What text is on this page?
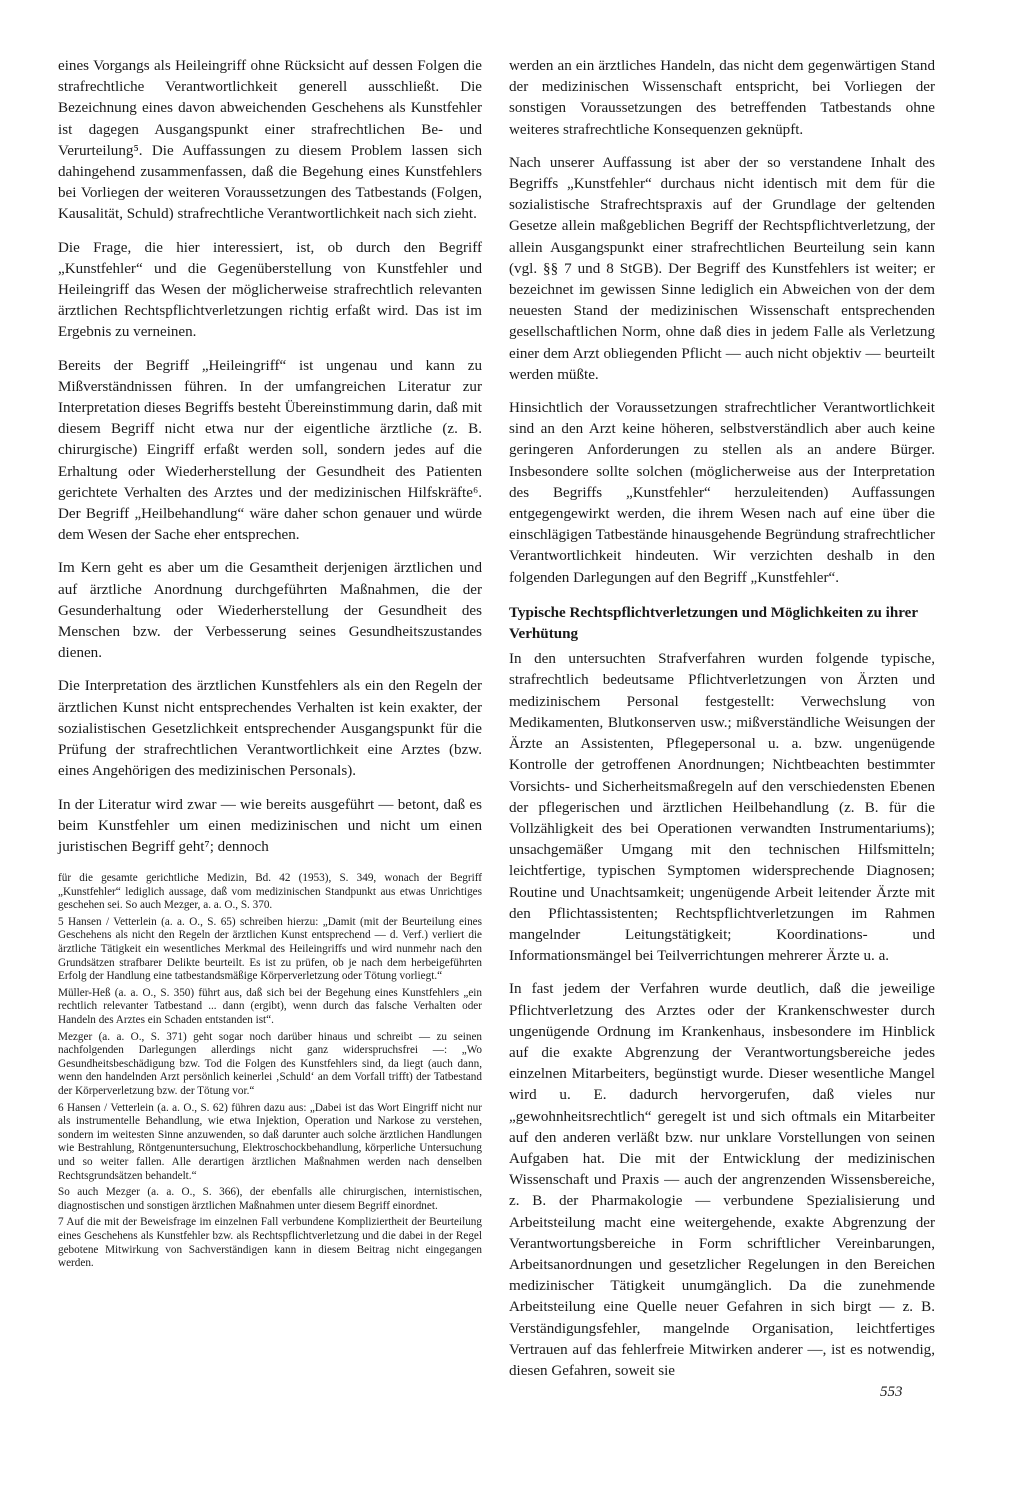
eines Vorgangs als Heileingriff ohne Rücksicht auf dessen Folgen die strafrechtliche Verantwortlichkeit generell ausschließt. Die Bezeichnung eines davon abweichenden Geschehens als Kunstfehler ist dagegen Ausgangspunkt einer strafrechtlichen Be- und Verurteilung⁵. Die Auffassungen zu diesem Problem lassen sich dahingehend zusammenfassen, daß die Begehung eines Kunstfehlers bei Vorliegen der weiteren Voraussetzungen des Tatbestands (Folgen, Kausalität, Schuld) strafrechtliche Verantwortlichkeit nach sich zieht.

Die Frage, die hier interessiert, ist, ob durch den Begriff „Kunstfehler“ und die Gegenüberstellung von Kunstfehler und Heileingriff das Wesen der möglicherweise strafrechtlich relevanten ärztlichen Rechtspflichtverletzungen richtig erfaßt wird. Das ist im Ergebnis zu verneinen.

Bereits der Begriff „Heileingriff“ ist ungenau und kann zu Mißverständnissen führen. In der umfangreichen Literatur zur Interpretation dieses Begriffs besteht Übereinstimmung darin, daß mit diesem Begriff nicht etwa nur der eigentliche ärztliche (z. B. chirurgische) Eingriff erfaßt werden soll, sondern jedes auf die Erhaltung oder Wiederherstellung der Gesundheit des Patienten gerichtete Verhalten des Arztes und der medizinischen Hilfskräfte⁶. Der Begriff „Heilbehandlung“ wäre daher schon genauer und würde dem Wesen der Sache eher entsprechen.

Im Kern geht es aber um die Gesamtheit derjenigen ärztlichen und auf ärztliche Anordnung durchgeführten Maßnahmen, die der Gesunderhaltung oder Wiederherstellung der Gesundheit des Menschen bzw. der Verbesserung seines Gesundheitszustandes dienen.

Die Interpretation des ärztlichen Kunstfehlers als ein den Regeln der ärztlichen Kunst nicht entsprechendes Verhalten ist kein exakter, der sozialistischen Gesetzlichkeit entsprechender Ausgangspunkt für die Prüfung der strafrechtlichen Verantwortlichkeit eine Arztes (bzw. eines Angehörigen des medizinischen Personals).

In der Literatur wird zwar — wie bereits ausgeführt — betont, daß es beim Kunstfehler um einen medizinischen und nicht um einen juristischen Begriff geht⁷; dennoch

für die gesamte gerichtliche Medizin, Bd. 42 (1953), S. 349, wonach der Begriff „Kunstfehler“ lediglich aussage, daß vom medizinischen Standpunkt aus etwas Unrichtiges geschehen sei. So auch Mezger, a. a. O., S. 370.

5 Hansen / Vetterlein (a. a. O., S. 65) schreiben hierzu: „Damit (mit der Beurteilung eines Geschehens als nicht den Regeln der ärztlichen Kunst entsprechend — d. Verf.) verliert die ärztliche Tätigkeit ein wesentliches Merkmal des Heileingriffs und wird nunmehr nach den Grundsätzen strafbarer Delikte beurteilt. Es ist zu prüfen, ob je nach dem herbeigeführten Erfolg der Handlung eine tatbestandsmäßige Körperverletzung oder Tötung vorliegt.“

Müller-Heß (a. a. O., S. 350) führt aus, daß sich bei der Begehung eines Kunstfehlers „ein rechtlich relevanter Tatbestand ... dann (ergibt), wenn durch das falsche Verhalten oder Handeln des Arztes ein Schaden entstanden ist“.

Mezger (a. a. O., S. 371) geht sogar noch darüber hinaus und schreibt — zu seinen nachfolgenden Darlegungen allerdings nicht ganz widerspruchsfrei —: „Wo Gesundheitsbeschädigung bzw. Tod die Folgen des Kunstfehlers sind, da liegt (auch dann, wenn den handelnden Arzt persönlich keinerlei ‚Schuld‘ an dem Vorfall trifft) der Tatbestand der Körperverletzung bzw. der Tötung vor.“

6 Hansen / Vetterlein (a. a. O., S. 62) führen dazu aus: „Dabei ist das Wort Eingriff nicht nur als instrumentelle Behandlung, wie etwa Injektion, Operation und Narkose zu verstehen, sondern im weitesten Sinne anzuwenden, so daß darunter auch solche ärztlichen Handlungen wie Bestrahlung, Röntgenuntersuchung, Elektroschockbehandlung, körperliche Untersuchung und so weiter fallen. Alle derartigen ärztlichen Maßnahmen werden nach denselben Rechtsgrundsätzen behandelt.“

So auch Mezger (a. a. O., S. 366), der ebenfalls alle chirurgischen, internistischen, diagnostischen und sonstigen ärztlichen Maßnahmen unter diesem Begriff einordnet.

7 Auf die mit der Beweisfrage im einzelnen Fall verbundene Kompliziertheit der Beurteilung eines Geschehens als Kunstfehler bzw. als Rechtspflichtverletzung und die dabei in der Regel gebotene Mitwirkung von Sachverständigen kann in diesem Beitrag nicht eingegangen werden.

werden an ein ärztliches Handeln, das nicht dem gegenwärtigen Stand der medizinischen Wissenschaft entspricht, bei Vorliegen der sonstigen Voraussetzungen des betreffenden Tatbestands ohne weiteres strafrechtliche Konsequenzen geknüpft.

Nach unserer Auffassung ist aber der so verstandene Inhalt des Begriffs „Kunstfehler“ durchaus nicht identisch mit dem für die sozialistische Strafrechtspraxis auf der Grundlage der geltenden Gesetze allein maßgeblichen Begriff der Rechtspflichtverletzung, der allein Ausgangspunkt einer strafrechtlichen Beurteilung sein kann (vgl. §§ 7 und 8 StGB). Der Begriff des Kunstfehlers ist weiter; er bezeichnet im gewissen Sinne lediglich ein Abweichen von der dem neuesten Stand der medizinischen Wissenschaft entsprechenden gesellschaftlichen Norm, ohne daß dies in jedem Falle als Verletzung einer dem Arzt obliegenden Pflicht — auch nicht objektiv — beurteilt werden müßte.

Hinsichtlich der Voraussetzungen strafrechtlicher Verantwortlichkeit sind an den Arzt keine höheren, selbstverständlich aber auch keine geringeren Anforderungen zu stellen als an andere Bürger. Insbesondere sollte solchen (möglicherweise aus der Interpretation des Begriffs „Kunstfehler“ herzuleitenden) Auffassungen entgegengewirkt werden, die ihrem Wesen nach auf eine über die einschlägigen Tatbestände hinausgehende Begründung strafrechtlicher Verantwortlichkeit hindeuten. Wir verzichten deshalb in den folgenden Darlegungen auf den Begriff „Kunstfehler“.

Typische Rechtspflichtverletzungen und Möglichkeiten zu ihrer Verhütung

In den untersuchten Strafverfahren wurden folgende typische, strafrechtlich bedeutsame Pflichtverletzungen von Ärzten und medizinischem Personal festgestellt: Verwechslung von Medikamenten, Blutkonserven usw.; mißverständliche Weisungen der Ärzte an Assistenten, Pflegepersonal u. a. bzw. ungenügende Kontrolle der getroffenen Anordnungen; Nichtbeachten bestimmter Vorsichts- und Sicherheitsmaßregeln auf den verschiedensten Ebenen der pflegerischen und ärztlichen Heilbehandlung (z. B. für die Vollzähligkeit des bei Operationen verwandten Instrumentariums); unsachgemäßer Umgang mit den technischen Hilfsmitteln; leichtfertige, typischen Symptomen widersprechende Diagnosen; Routine und Unachtsamkeit; ungenügende Arbeit leitender Ärzte mit den Pflichtassistenten; Rechtspflichtverletzungen im Rahmen mangelnder Leitungstätigkeit; Koordinations- und Informationsmängel bei Teilverrichtungen mehrerer Ärzte u. a.

In fast jedem der Verfahren wurde deutlich, daß die jeweilige Pflichtverletzung des Arztes oder der Krankenschwester durch ungenügende Ordnung im Krankenhaus, insbesondere im Hinblick auf die exakte Abgrenzung der Verantwortungsbereiche jedes einzelnen Mitarbeiters, begünstigt wurde. Dieser wesentliche Mangel wird u. E. dadurch hervorgerufen, daß vieles nur „gewohnheitsrechtlich“ geregelt ist und sich oftmals ein Mitarbeiter auf den anderen verläßt bzw. nur unklare Vorstellungen von seinen Aufgaben hat. Die mit der Entwicklung der medizinischen Wissenschaft und Praxis — auch der angrenzenden Wissensbereiche, z. B. der Pharmakologie — verbundene Spezialisierung und Arbeitsteilung macht eine weitergehende, exakte Abgrenzung der Verantwortungsbereiche in Form schriftlicher Vereinbarungen, Arbeitsanordnungen und gesetzlicher Regelungen in den Bereichen medizinischer Tätigkeit unumgänglich. Da die zunehmende Arbeitsteilung eine Quelle neuer Gefahren in sich birgt — z. B. Verständigungsfehler, mangelnde Organisation, leichtfertiges Vertrauen auf das fehlerfreie Mitwirken anderer —, ist es notwendig, diesen Gefahren, soweit sie

553
